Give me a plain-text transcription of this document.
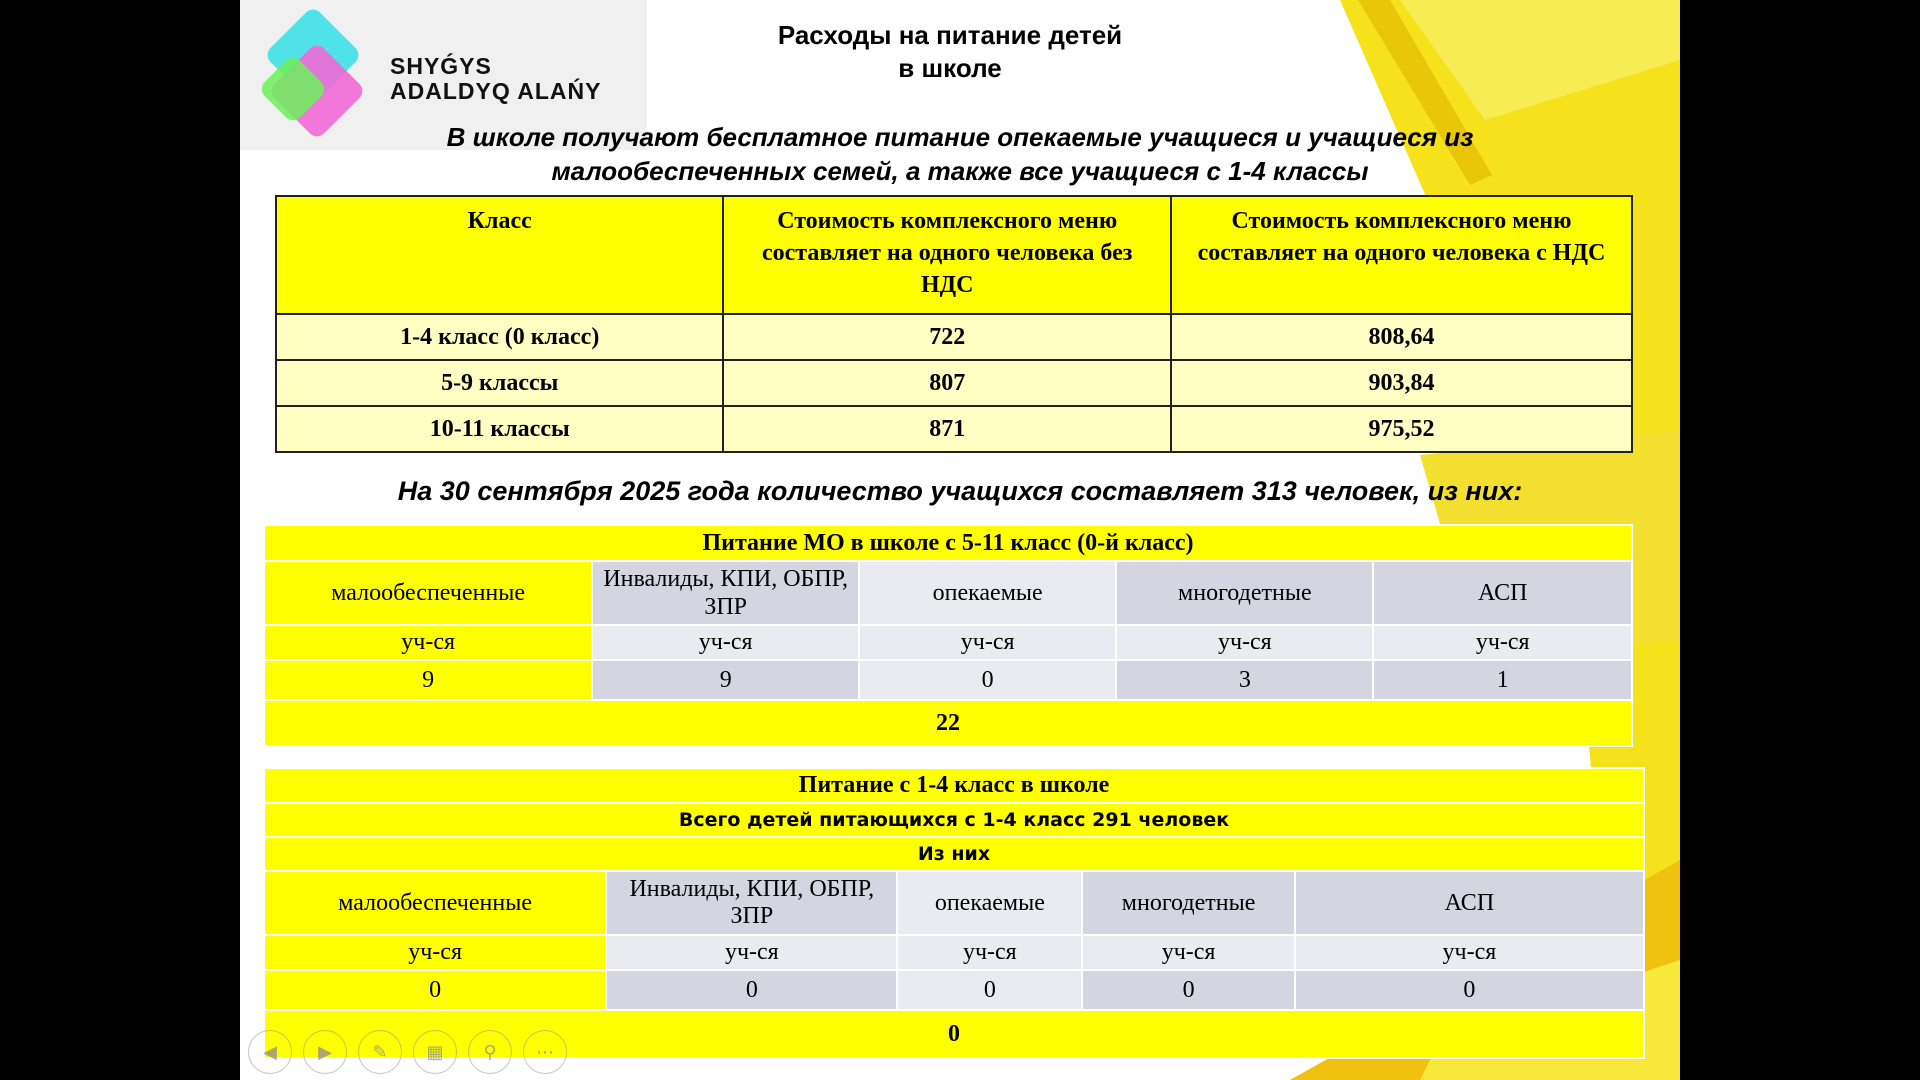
SHYǴYS
ADALDYQ ALAŃY
Расходы на питание детей
в школе
В школе получают бесплатное питание опекаемые учащиеся и учащиеся из
малообеспеченных семей, а также все учащиеся с 1-4 классы
Класс	Стоимость комплексного меню составляет на одного человека без НДС	Стоимость комплексного меню составляет на одного человека с НДС
1-4 класс (0 класс)	722	808,64
5-9 классы	807	903,84
10-11 классы	871	975,52
На 30 сентября 2025 года количество учащихся составляет 313 человек, из них:
Питание МО в школе с 5-11 класс (0-й класс)				
малообеспеченные	Инвалиды, КПИ, ОБПР, ЗПР	опекаемые	многодетные	АСП
уч-ся	уч-ся	уч-ся	уч-ся	уч-ся
9	9	0	3	1
22				
Питание с 1-4 класс в школе				
Всего детей питающихся с 1-4 класс 291 человек				
Из них				
малообеспеченные	Инвалиды, КПИ, ОБПР, ЗПР	опекаемые	многодетные	АСП
уч-ся	уч-ся	уч-ся	уч-ся	уч-ся
0	0	0	0	0
0				
◀	▶	✎	▦	⚲	⋯
